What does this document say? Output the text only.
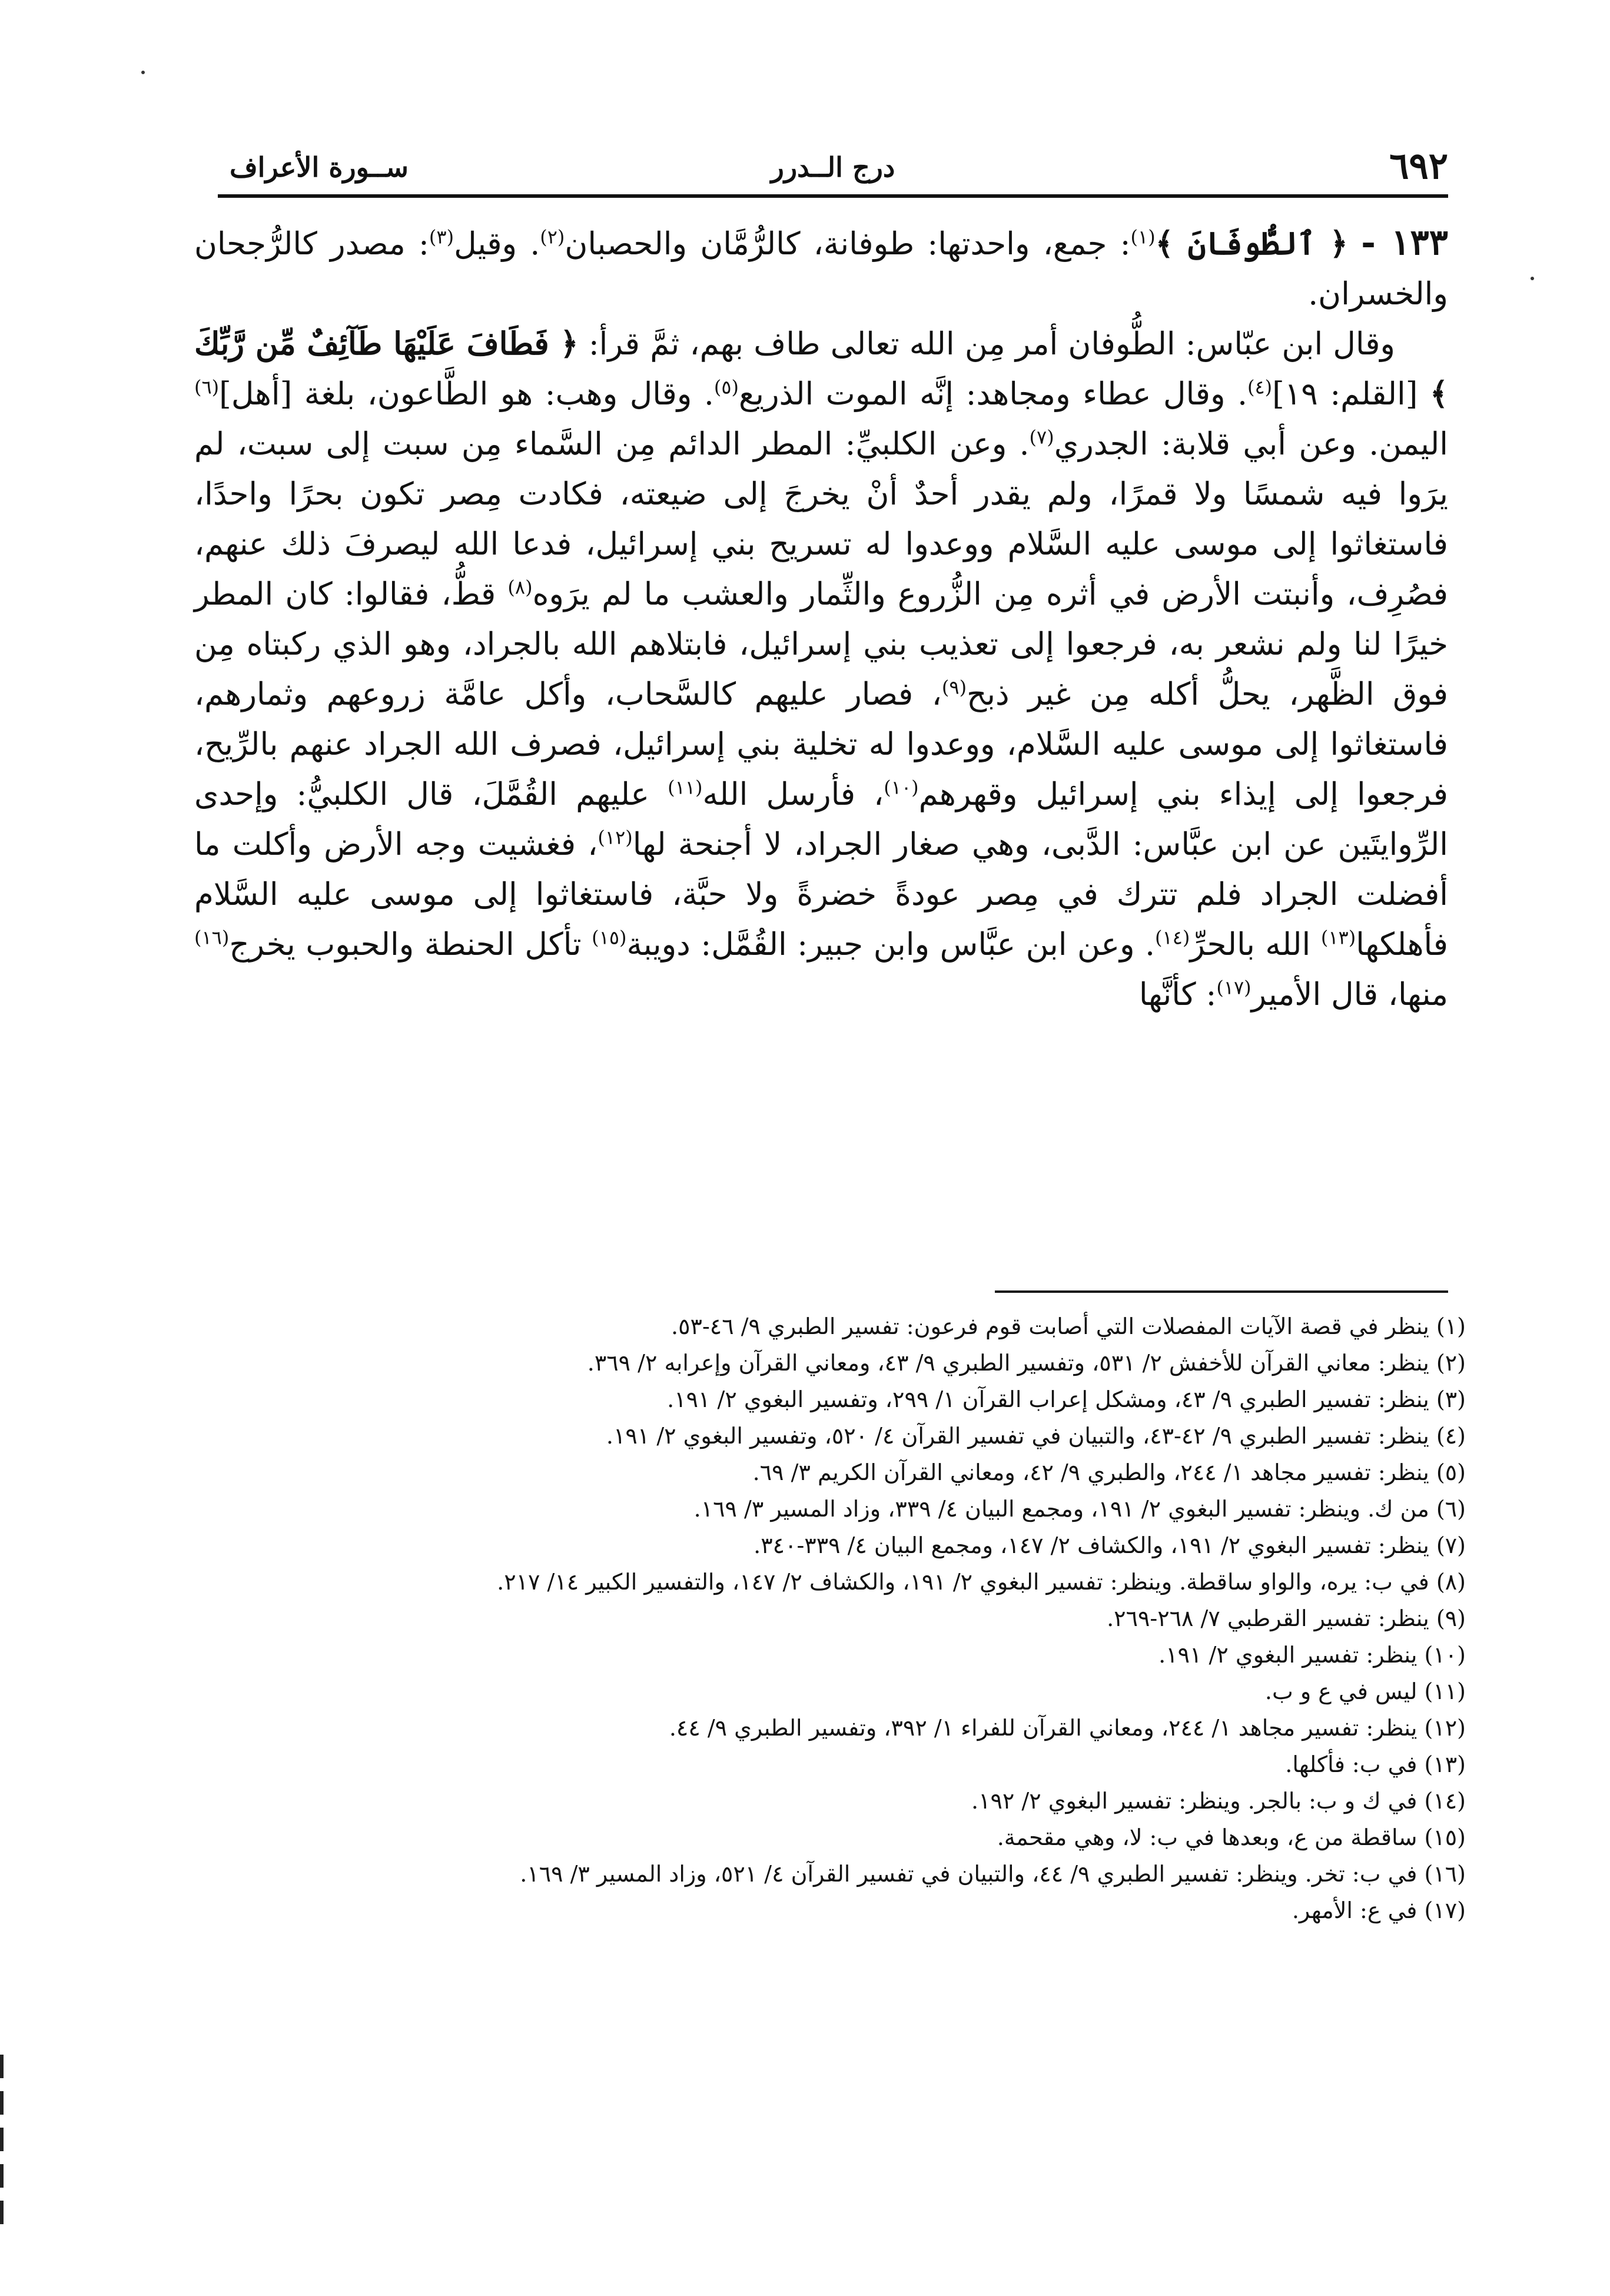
٦٩٢
درج الــدرر
ســورة الأعراف

١٣٣ - ﴿ ٱلطُّوفَانَ ﴾$^{(١)}$: جمع، واحدتها: طوفانة، كالرُّمَّان والحصبان$^{(٢)}$. وقيل$^{(٣)}$: مصدر كالرُّجحان والخسران.

وقال ابن عبّاس: الطُّوفان أمر مِن الله تعالى طاف بهم، ثمَّ قرأ: ﴿ فَطَافَ عَلَيْهَا طَآئِفٌ مِّن رَّبِّكَ ﴾ [القلم: ١٩]$^{(٤)}$. وقال عطاء ومجاهد: إنَّه الموت الذريع$^{(٥)}$. وقال وهب: هو الطَّاعون، بلغة [أهل]$^{(٦)}$ اليمن. وعن أبي قلابة: الجدري$^{(٧)}$. وعن الكلبيِّ: المطر الدائم مِن السَّماء مِن سبت إلى سبت، لم يرَوا فيه شمسًا ولا قمرًا، ولم يقدر أحدٌ أنْ يخرجَ إلى ضيعته، فكادت مِصر تكون بحرًا واحدًا، فاستغاثوا إلى موسى عليه السَّلام ووعدوا له تسريح بني إسرائيل، فدعا الله ليصرفَ ذلك عنهم، فصُرِف، وأنبتت الأرض في أثره مِن الزُّروع والثِّمار والعشب ما لم يرَوه$^{(٨)}$ قطُّ، فقالوا: كان المطر خيرًا لنا ولم نشعر به، فرجعوا إلى تعذيب بني إسرائيل، فابتلاهم الله بالجراد، وهو الذي ركبتاه مِن فوق الظَّهر، يحلُّ أكله مِن غير ذبح$^{(٩)}$، فصار عليهم كالسَّحاب، وأكل عامَّة زروعهم وثمارهم، فاستغاثوا إلى موسى عليه السَّلام، ووعدوا له تخلية بني إسرائيل، فصرف الله الجراد عنهم بالرِّيح، فرجعوا إلى إيذاء بني إسرائيل وقهرهم$^{(١٠)}$، فأرسل الله$^{(١١)}$ عليهم القُمَّلَ، قال الكلبيُّ: وإحدى الرِّوايتَين عن ابن عبَّاس: الدَّبى، وهي صغار الجراد، لا أجنحة لها$^{(١٢)}$، فغشيت وجه الأرض وأكلت ما أفضلت الجراد فلم تترك في مِصر عودةً خضرةً ولا حبَّة، فاستغاثوا إلى موسى عليه السَّلام فأهلكها$^{(١٣)}$ الله بالحرِّ$^{(١٤)}$. وعن ابن عبَّاس وابن جبير: القُمَّل: دويبة$^{(١٥)}$ تأكل الحنطة والحبوب يخرج$^{(١٦)}$ منها، قال الأمير$^{(١٧)}$: كأنَّها

(١) ينظر في قصة الآيات المفصلات التي أصابت قوم فرعون: تفسير الطبري ٩/ ٤٦-٥٣.
(٢) ينظر: معاني القرآن للأخفش ٢/ ٥٣١، وتفسير الطبري ٩/ ٤٣، ومعاني القرآن وإعرابه ٢/ ٣٦٩.
(٣) ينظر: تفسير الطبري ٩/ ٤٣، ومشكل إعراب القرآن ١/ ٢٩٩، وتفسير البغوي ٢/ ١٩١.
(٤) ينظر: تفسير الطبري ٩/ ٤٢-٤٣، والتبيان في تفسير القرآن ٤/ ٥٢٠، وتفسير البغوي ٢/ ١٩١.
(٥) ينظر: تفسير مجاهد ١/ ٢٤٤، والطبري ٩/ ٤٢، ومعاني القرآن الكريم ٣/ ٦٩.
(٦) من ك. وينظر: تفسير البغوي ٢/ ١٩١، ومجمع البيان ٤/ ٣٣٩، وزاد المسير ٣/ ١٦٩.
(٧) ينظر: تفسير البغوي ٢/ ١٩١، والكشاف ٢/ ١٤٧، ومجمع البيان ٤/ ٣٣٩-٣٤٠.
(٨) في ب: يره، والواو ساقطة. وينظر: تفسير البغوي ٢/ ١٩١، والكشاف ٢/ ١٤٧، والتفسير الكبير ١٤/ ٢١٧.
(٩) ينظر: تفسير القرطبي ٧/ ٢٦٨-٢٦٩.
(١٠) ينظر: تفسير البغوي ٢/ ١٩١.
(١١) ليس في ع و ب.
(١٢) ينظر: تفسير مجاهد ١/ ٢٤٤، ومعاني القرآن للفراء ١/ ٣٩٢، وتفسير الطبري ٩/ ٤٤.
(١٣) في ب: فأكلها.
(١٤) في ك و ب: بالجر. وينظر: تفسير البغوي ٢/ ١٩٢.
(١٥) ساقطة من ع، وبعدها في ب: لا، وهي مقحمة.
(١٦) في ب: تخر. وينظر: تفسير الطبري ٩/ ٤٤، والتبيان في تفسير القرآن ٤/ ٥٢١، وزاد المسير ٣/ ١٦٩.
(١٧) في ع: الأمهر.
